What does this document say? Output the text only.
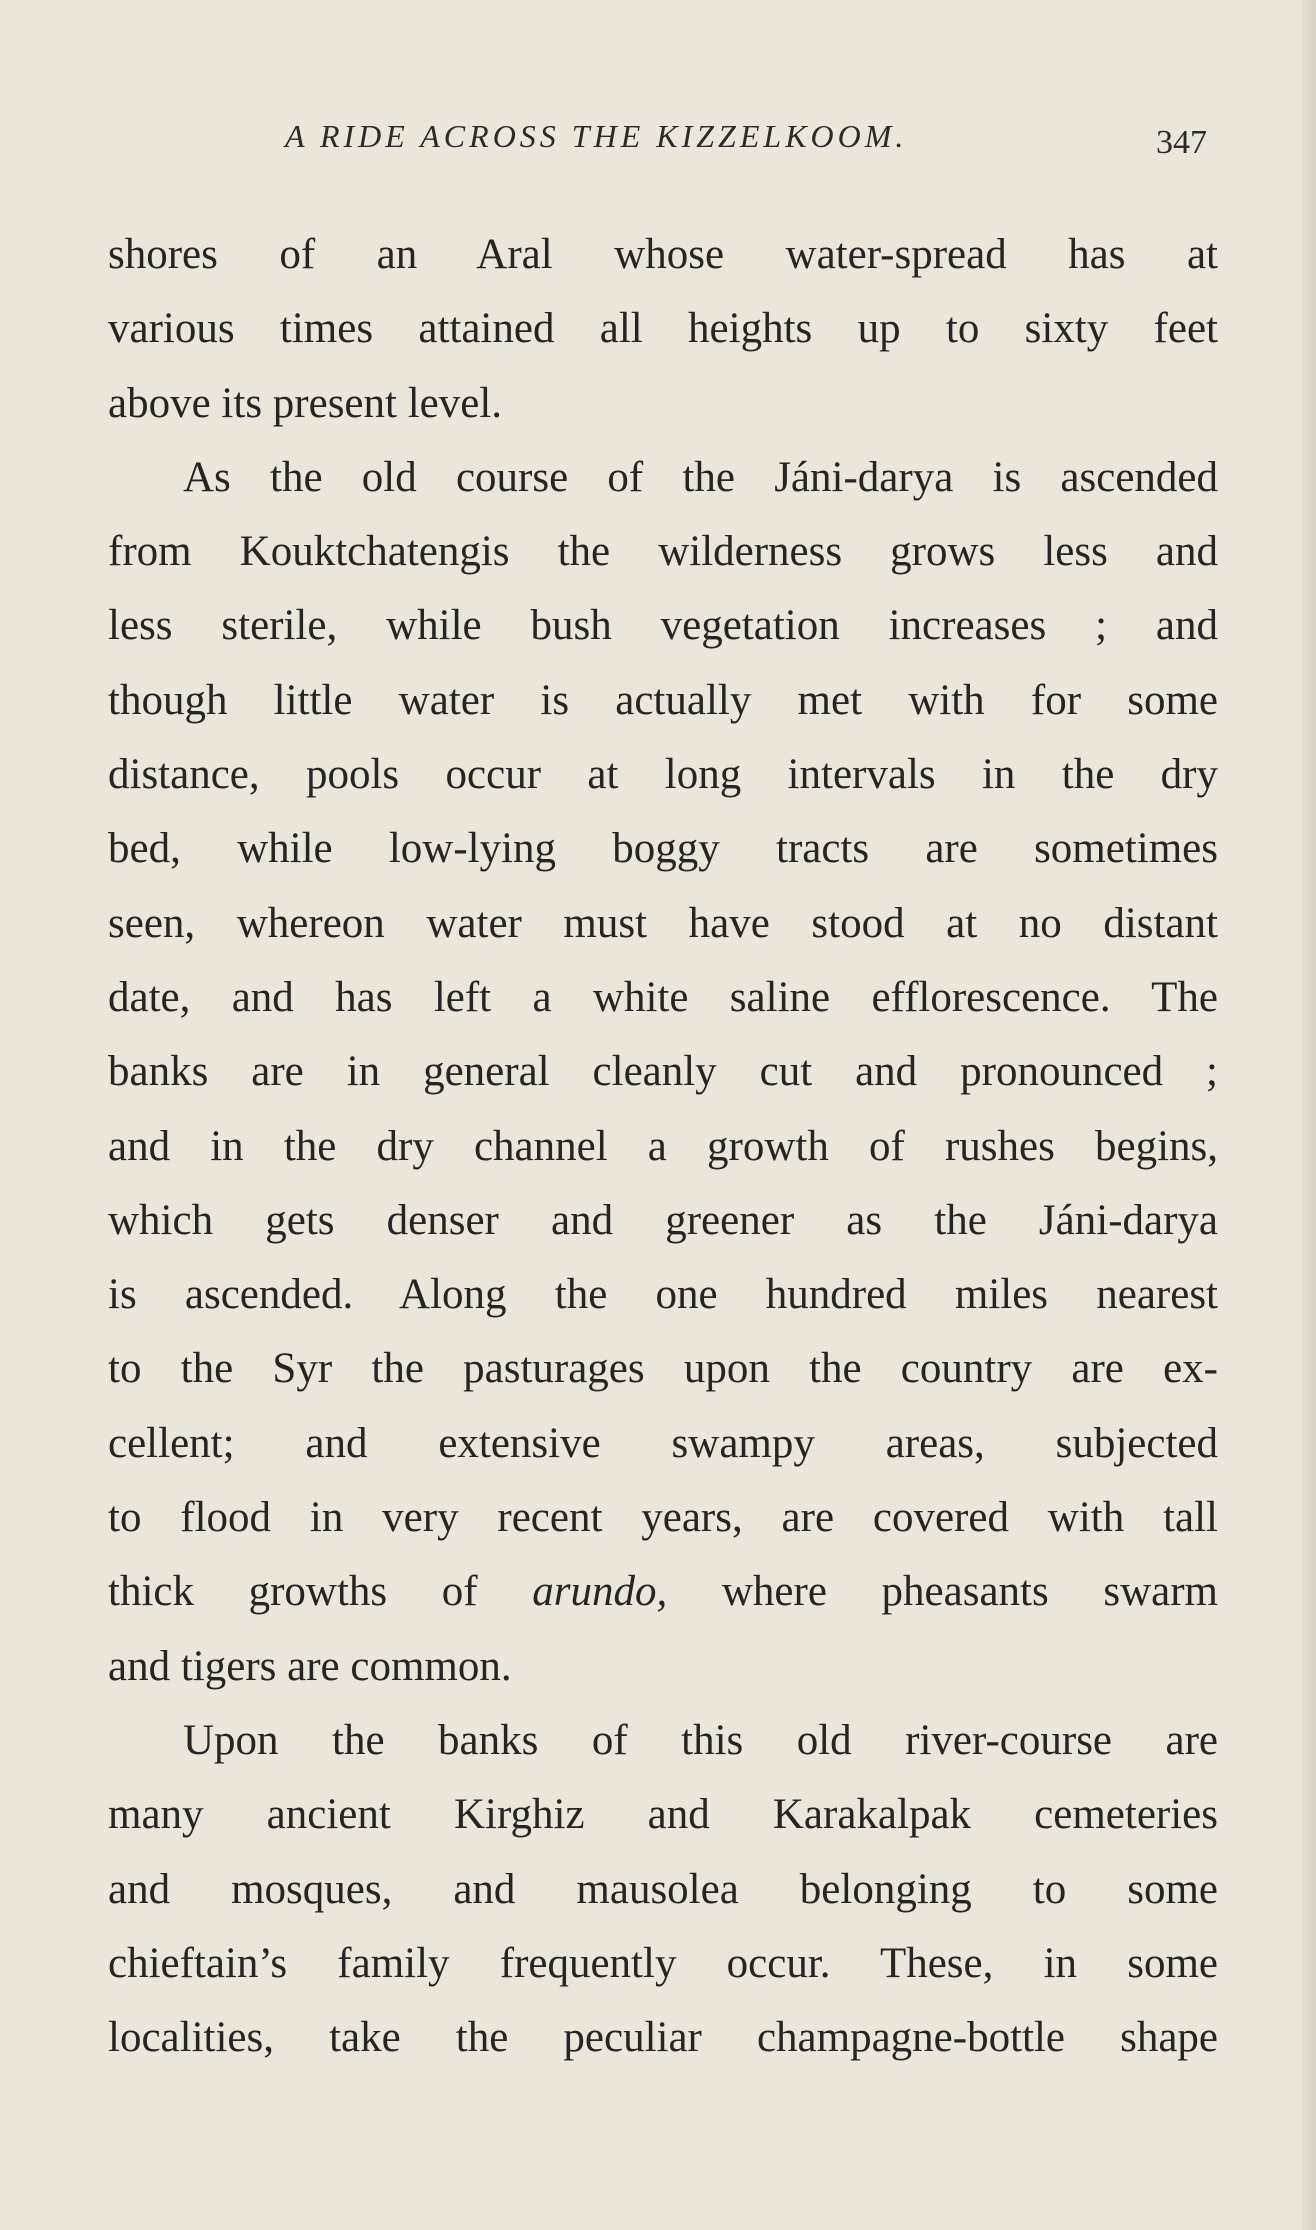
A RIDE ACROSS THE KIZZELKOOM.	347
shores of an Aral whose water-spread has at
various times attained all heights up to sixty feet
above its present level.
As the old course of the Jáni-darya is ascended
from Kouktchatengis the wilderness grows less and
less sterile, while bush vegetation increases ; and
though little water is actually met with for some
distance, pools occur at long intervals in the dry
bed, while low-lying boggy tracts are sometimes
seen, whereon water must have stood at no distant
date, and has left a white saline efflorescence. The
banks are in general cleanly cut and pronounced ;
and in the dry channel a growth of rushes begins,
which gets denser and greener as the Jáni-darya
is ascended. Along the one hundred miles nearest
to the Syr the pasturages upon the country are ex-
cellent; and extensive swampy areas, subjected
to flood in very recent years, are covered with tall
thick growths of arundo, where pheasants swarm
and tigers are common.
Upon the banks of this old river-course are
many ancient Kirghiz and Karakalpak cemeteries
and mosques, and mausolea belonging to some
chieftain’s family frequently occur. These, in some
localities, take the peculiar champagne-bottle shape
